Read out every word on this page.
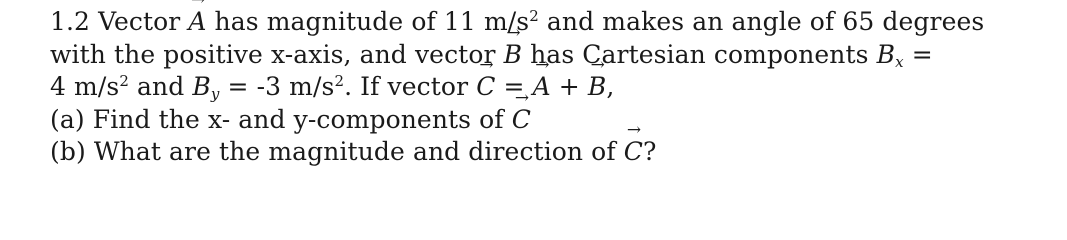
1.2 Vector → A has magnitude of 11 $m/s^2$ and makes an angle of 65 degrees
with the positive x-axis, and vector → B has Cartesian components $B_x$ =
4 $m/s^2$ and $B_y = -3$ $m/s^2$. If vector → C = → A + → B,
(a) Find the x- and y-components of → C
(b) What are the magnitude and direction of → C?
